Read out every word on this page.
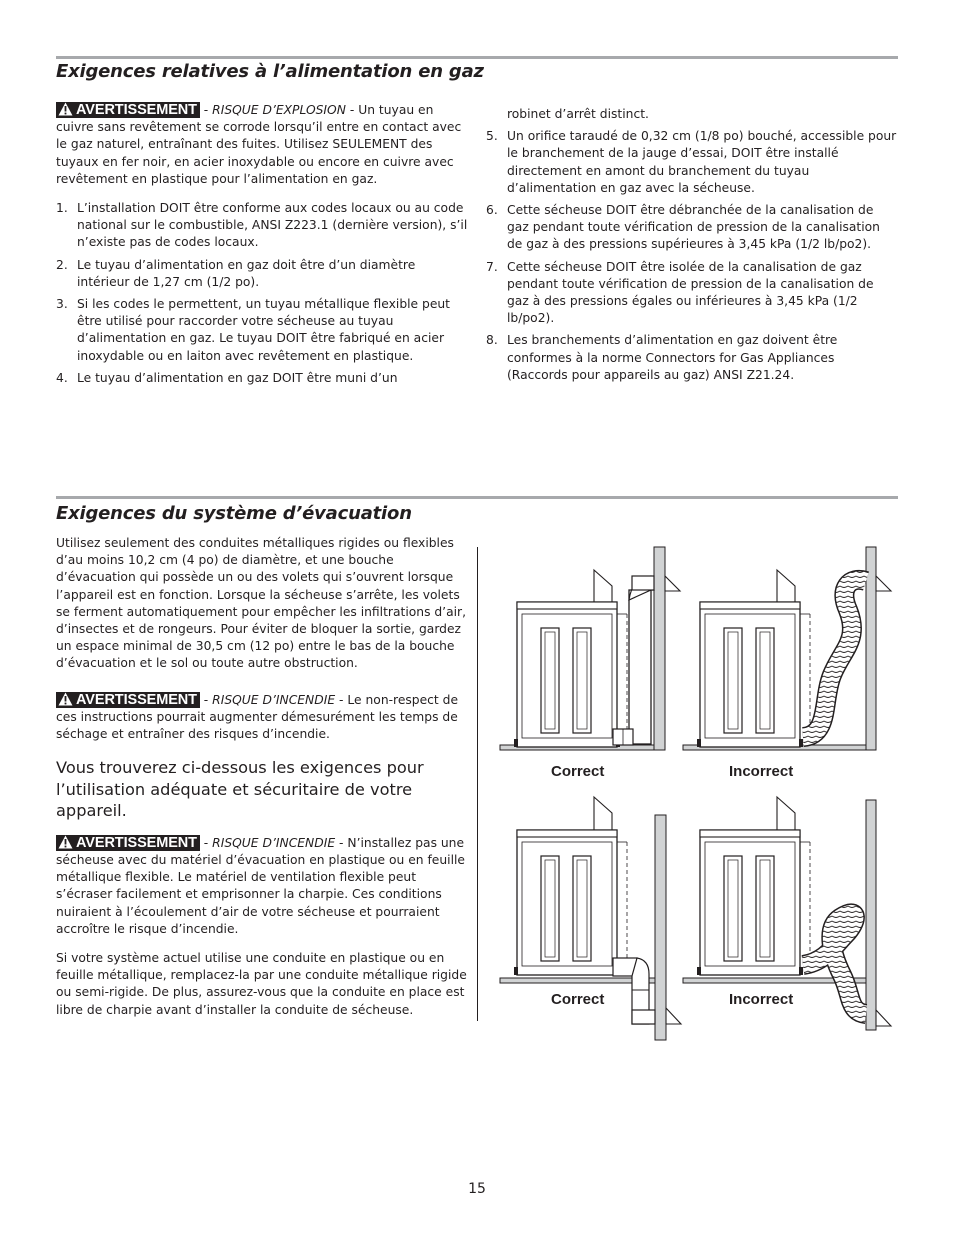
Exigences relatives à l’alimentation en gaz

AVERTISSEMENT - RISQUE D’EXPLOSION - Un tuyau en cuivre sans revêtement se corrode lorsqu’il entre en contact avec le gaz naturel, entraînant des fuites. Utilisez SEULEMENT des tuyaux en fer noir, en acier inoxydable ou encore en cuivre avec revêtement en plastique pour l’alimentation en gaz.

1. L’installation DOIT être conforme aux codes locaux ou au code national sur le combustible, ANSI Z223.1 (dernière version), s’il n’existe pas de codes locaux.
2. Le tuyau d’alimentation en gaz doit être d’un diamètre intérieur de 1,27 cm (1/2 po).
3. Si les codes le permettent, un tuyau métallique flexible peut être utilisé pour raccorder votre sécheuse au tuyau d’alimentation en gaz. Le tuyau DOIT être fabriqué en acier inoxydable ou en laiton avec revêtement en plastique.
4. Le tuyau d’alimentation en gaz DOIT être muni d’un

robinet d’arrêt distinct.

5. Un orifice taraudé de 0,32 cm (1/8 po) bouché, accessible pour le branchement de la jauge d’essai, DOIT être installé directement en amont du branchement du tuyau d’alimentation en gaz avec la sécheuse.
6. Cette sécheuse DOIT être débranchée de la canalisation de gaz pendant toute vérification de pression de la canalisation de gaz à des pressions supérieures à 3,45 kPa (1/2 lb/po2).
7. Cette sécheuse DOIT être isolée de la canalisation de gaz pendant toute vérification de pression de la canalisation de gaz à des pressions égales ou inférieures à 3,45 kPa (1/2 lb/po2).
8. Les branchements d’alimentation en gaz doivent être conformes à la norme Connectors for Gas Appliances (Raccords pour appareils au gaz) ANSI Z21.24.
Exigences du système d’évacuation

Utilisez seulement des conduites métalliques rigides ou flexibles d’au moins 10,2 cm (4 po) de diamètre, et une bouche d’évacuation qui possède un ou des volets qui s’ouvrent lorsque l’appareil est en fonction. Lorsque la sécheuse s’arrête, les volets se ferment automatiquement pour empêcher les infiltrations d’air, d’insectes et de rongeurs. Pour éviter de bloquer la sortie, gardez un espace minimal de 30,5 cm (12 po) entre le bas de la bouche d’évacuation et le sol ou toute autre obstruction.

AVERTISSEMENT - RISQUE D’INCENDIE - Le non-respect de ces instructions pourrait augmenter démesurément les temps de séchage et entraîner des risques d’incendie.

Vous trouverez ci-dessous les exigences pour l’utilisation adéquate et sécuritaire de votre appareil.

AVERTISSEMENT - RISQUE D’INCENDIE - N’installez pas une sécheuse avec du matériel d’évacuation en plastique ou en feuille métallique flexible. Le matériel de ventilation flexible peut s’écraser facilement et emprisonner la charpie. Ces conditions nuiraient à l’écoulement d’air de votre sécheuse et pourraient accroître le risque d’incendie.

Si votre système actuel utilise une conduite en plastique ou en feuille métallique, remplacez-la par une conduite métallique rigide ou semi-rigide. De plus, assurez-vous que la conduite en place est libre de charpie avant d’installer la conduite de sécheuse.

Correct	Incorrect
Correct	Incorrect
15
